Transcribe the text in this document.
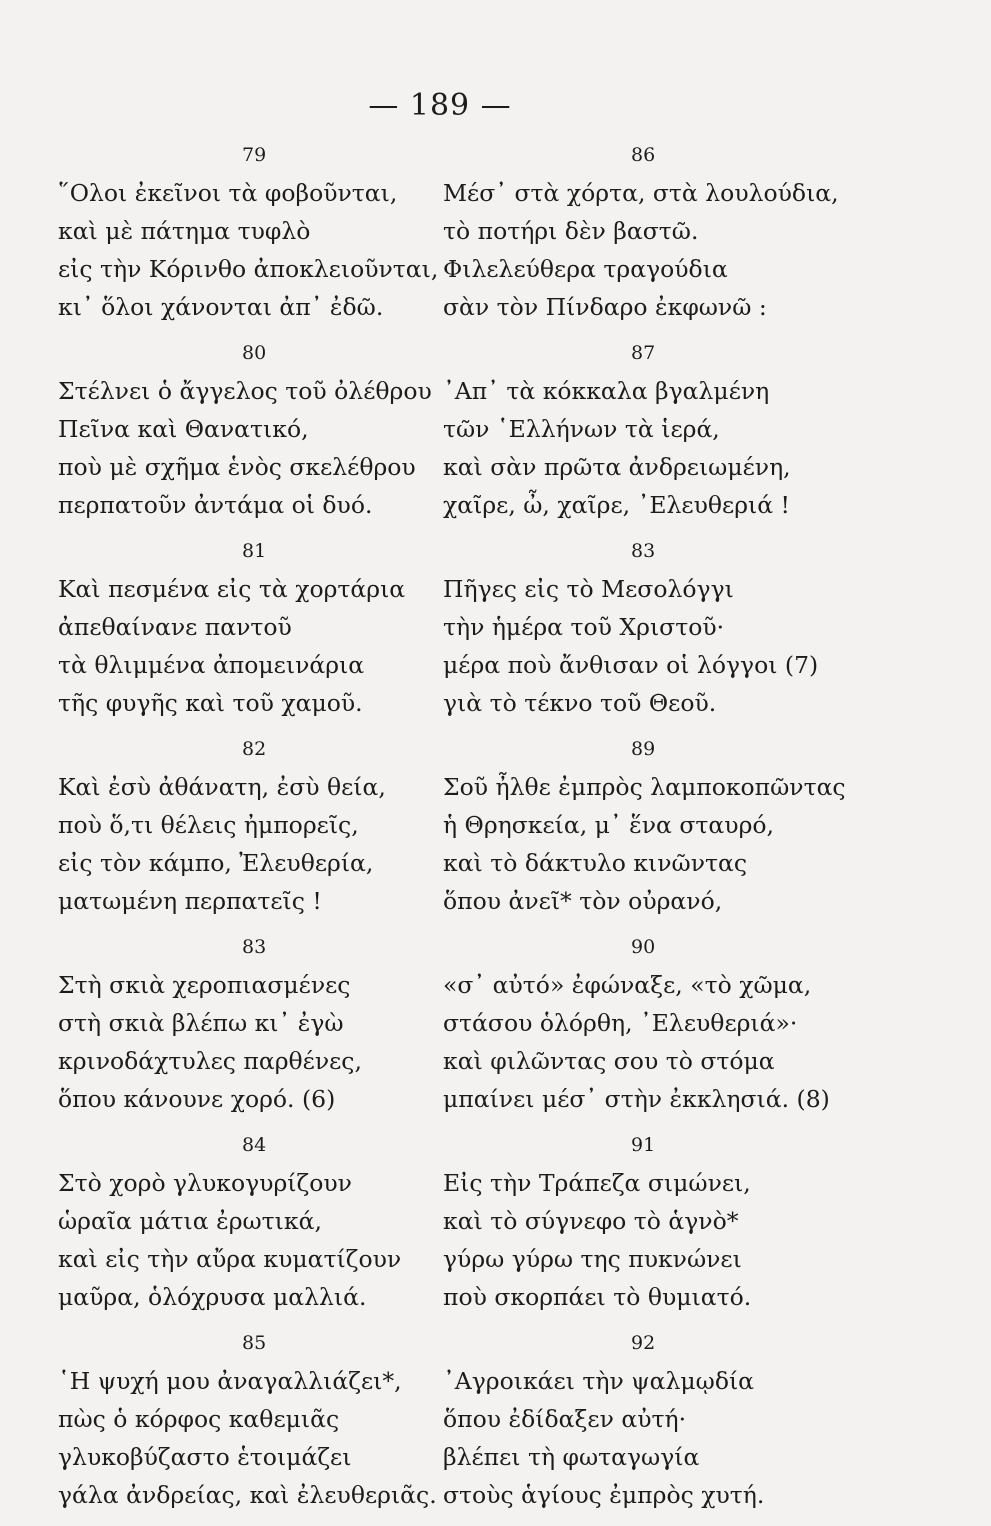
— 189 —
79
῞Ολοι ἐκεῖνοι τὰ φοβοῦνται,
καὶ μὲ πάτημα τυφλὸ
εἰς τὴν Κόρινθο ἀποκλειοῦνται,
κι᾿ ὅλοι χάνονται ἀπ᾿ ἐδῶ.
80
Στέλνει ὁ ἄγγελος τοῦ ὀλέθρου
Πεῖνα καὶ Θανατικό,
ποὺ μὲ σχῆμα ἑνὸς σκελέθρου
περπατοῦν ἀντάμα οἱ δυό.
81
Καὶ πεσμένα εἰς τὰ χορτάρια
ἀπεθαίνανε παντοῦ
τὰ θλιμμένα ἀπομεινάρια
τῆς φυγῆς καὶ τοῦ χαμοῦ.
82
Καὶ ἐσὺ ἀθάνατη, ἐσὺ θεία,
ποὺ ὅ,τι θέλεις ἠμπορεῖς,
εἰς τὸν κάμπο, Ἐλευθερία,
ματωμένη περπατεῖς !
83
Στὴ σκιὰ χεροπιασμένες
στὴ σκιὰ βλέπω κι᾿ ἐγὼ
κρινοδάχτυλες παρθένες,
ὅπου κάνουνε χορό. (6)
84
Στὸ χορὸ γλυκογυρίζουν
ὡραῖα μάτια ἐρωτικά,
καὶ εἰς τὴν αὔρα κυματίζουν
μαῦρα, ὁλόχρυσα μαλλιά.
85
῾Η ψυχή μου ἀναγαλλιάζει*,
πὼς ὁ κόρφος καθεμιᾶς
γλυκοβύζαστο ἑτοιμάζει
γάλα ἀνδρείας, καὶ ἐλευθεριᾶς.
86
Μέσ᾿ στὰ χόρτα, στὰ λουλούδια,
τὸ ποτήρι δὲν βαστῶ.
Φιλελεύθερα τραγούδια
σὰν τὸν Πίνδαρο ἐκφωνῶ :
87
᾿Απ᾿ τὰ κόκκαλα βγαλμένη
τῶν ῾Ελλήνων τὰ ἱερά,
καὶ σὰν πρῶτα ἀνδρειωμένη,
χαῖρε, ὦ, χαῖρε, ᾿Ελευθεριά !
83
Πῆγες εἰς τὸ Μεσολόγγι
τὴν ἡμέρα τοῦ Χριστοῦ·
μέρα ποὺ ἄνθισαν οἱ λόγγοι (7)
γιὰ τὸ τέκνο τοῦ Θεοῦ.
89
Σοῦ ἦλθε ἐμπρὸς λαμποκοπῶντας
ἡ Θρησκεία, μ᾿ ἕνα σταυρό,
καὶ τὸ δάκτυλο κινῶντας
ὅπου ἀνεῖ* τὸν οὐρανό,
90
«σ᾿ αὐτό» ἐφώναξε, «τὸ χῶμα,
στάσου ὁλόρθη, ᾿Ελευθεριά»·
καὶ φιλῶντας σου τὸ στόμα
μπαίνει μέσ᾿ στὴν ἐκκλησιά. (8)
91
Εἰς τὴν Τράπεζα σιμώνει,
καὶ τὸ σύγνεφο τὸ ἁγνὸ*
γύρω γύρω της πυκνώνει
ποὺ σκορπάει τὸ θυμιατό.
92
᾿Αγροικάει τὴν ψαλμῳδία
ὅπου ἐδίδαξεν αὐτή·
βλέπει τὴ φωταγωγία
στοὺς ἁγίους ἐμπρὸς χυτή.
